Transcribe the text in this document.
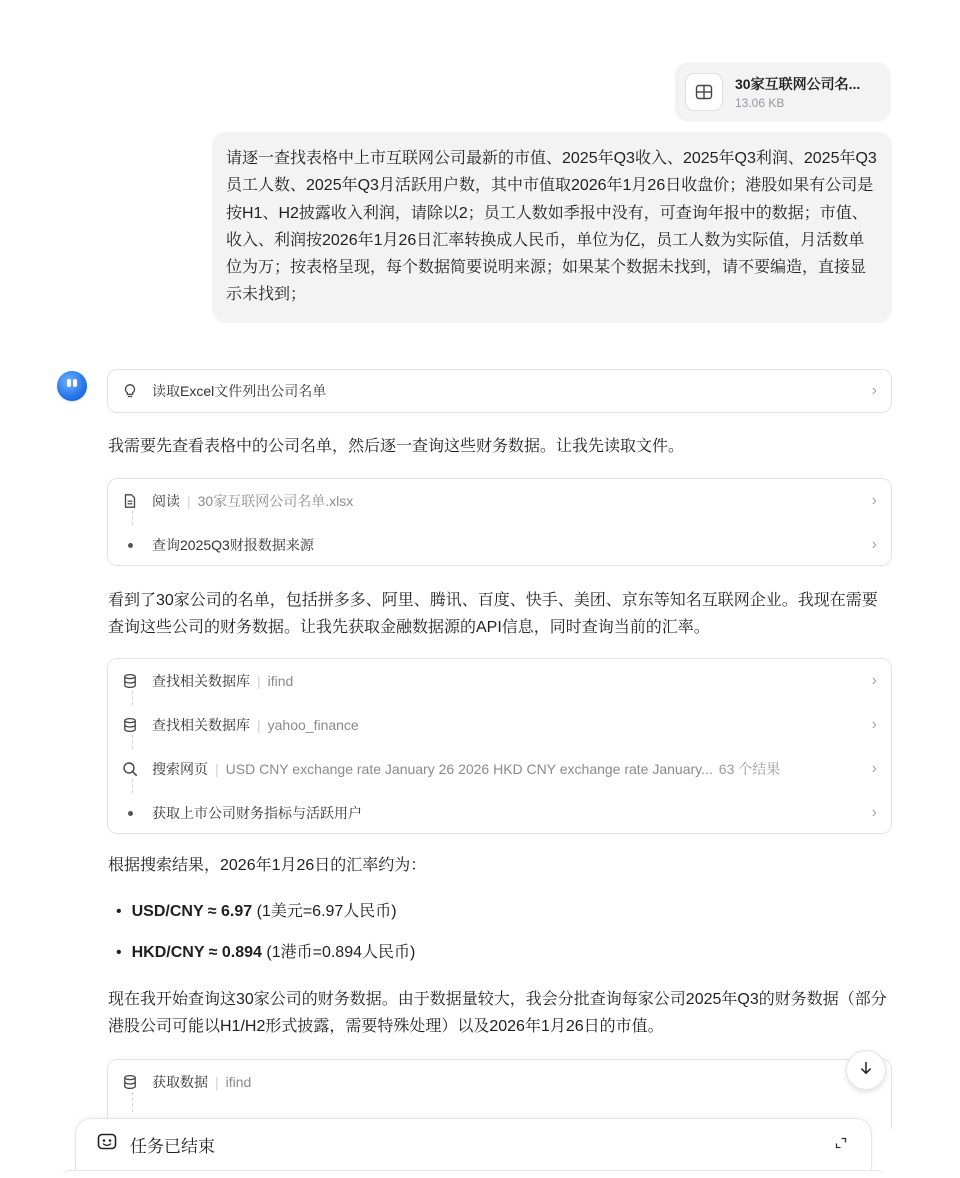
30家互联网公司名...
13.06 KB
请逐一查找表格中上市互联网公司最新的市值、2025年Q3收入、2025年Q3利润、2025年Q3员工人数、2025年Q3月活跃用户数，其中市值取2026年1月26日收盘价；港股如果有公司是按H1、H2披露收入利润，请除以2；员工人数如季报中没有，可查询年报中的数据；市值、收入、利润按2026年1月26日汇率转换成人民币，单位为亿，员工人数为实际值，月活数单位为万；按表格呈现，每个数据简要说明来源；如果某个数据未找到，请不要编造，直接显示未找到；
读取Excel文件列出公司名单	›
我需要先查看表格中的公司名单，然后逐一查询这些财务数据。让我先读取文件。
阅读 | 30家互联网公司名单.xlsx	›
查询2025Q3财报数据来源	›
看到了30家公司的名单，包括拼多多、阿里、腾讯、百度、快手、美团、京东等知名互联网企业。我现在需要查询这些公司的财务数据。让我先获取金融数据源的API信息，同时查询当前的汇率。
查找相关数据库 | ifind	›
查找相关数据库 | yahoo_finance	›
搜索网页 | USD CNY exchange rate January 26 2026 HKD CNY exchange rate January... 63 个结果	›
获取上市公司财务指标与活跃用户	›
根据搜索结果，2026年1月26日的汇率约为：
• USD/CNY ≈ 6.97 (1美元=6.97人民币)
• HKD/CNY ≈ 0.894 (1港币=0.894人民币)
现在我开始查询这30家公司的财务数据。由于数据量较大，我会分批查询每家公司2025年Q3的财务数据（部分港股公司可能以H1/H2形式披露，需要特殊处理）以及2026年1月26日的市值。
获取数据 | ifind
任务已结束
